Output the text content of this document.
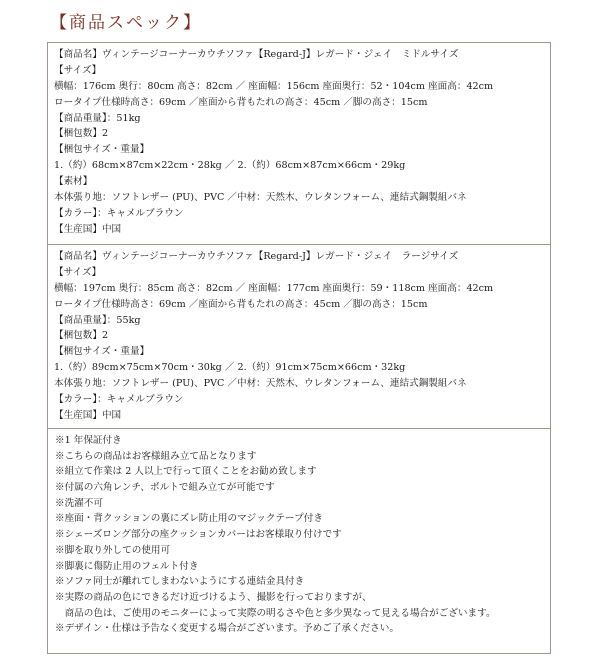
【商品スペック】
【商品名】ヴィンテージコーナーカウチソファ【Regard-J】レガード・ジェイ　ミドルサイズ
【サイズ】
横幅：176cm 奥行：80cm 高さ：82cm ／ 座面幅：156cm 座面奥行：52・104cm 座面高：42cm
ロータイプ仕様時高さ：69cm ／座面から背もたれの高さ：45cm ／脚の高さ：15cm
【商品重量】：51kg
【梱包数】2
【梱包サイズ・重量】
1.（約）68cm×87cm×22cm・28kg ／ 2.（約）68cm×87cm×66cm・29kg
【素材】
本体張り地：ソフトレザー (PU)、PVC ／中材：天然木、ウレタンフォーム、連結式鋼製組バネ
【カラー】：キャメルブラウン
【生産国】中国
【商品名】ヴィンテージコーナーカウチソファ【Regard-J】レガード・ジェイ　ラージサイズ
【サイズ】
横幅：197cm 奥行：85cm 高さ：82cm ／ 座面幅：177cm 座面奥行：59・118cm 座面高：42cm
ロータイプ仕様時高さ：69cm ／座面から背もたれの高さ：45cm ／脚の高さ：15cm
【商品重量】：55kg
【梱包数】2
【梱包サイズ・重量】
1.（約）89cm×75cm×70cm・30kg ／ 2.（約）91cm×75cm×66cm・32kg
本体張り地：ソフトレザー (PU)、PVC ／中材：天然木、ウレタンフォーム、連結式鋼製組バネ
【カラー】：キャメルブラウン
【生産国】中国
※1 年保証付き
※こちらの商品はお客様組み立て品となります
※組立て作業は 2 人以上で行って頂くことをお勧め致します
※付属の六角レンチ、ボルトで組み立てが可能です
※洗濯不可
※座面・背クッションの裏にズレ防止用のマジックテープ付き
※シェーズロング部分の座クッションカバーはお客様取り付けです
※脚を取り外しての使用可
※脚裏に傷防止用のフェルト付き
※ソファ同士が離れてしまわないようにする連結金具付き
※実際の商品の色にできるだけ近づけるよう、撮影を行っておりますが、
　商品の色は、ご使用のモニターによって実際の明るさや色と多少異なって見える場合がございます。
※デザイン・仕様は予告なく変更する場合がございます。予めご了承ください。
